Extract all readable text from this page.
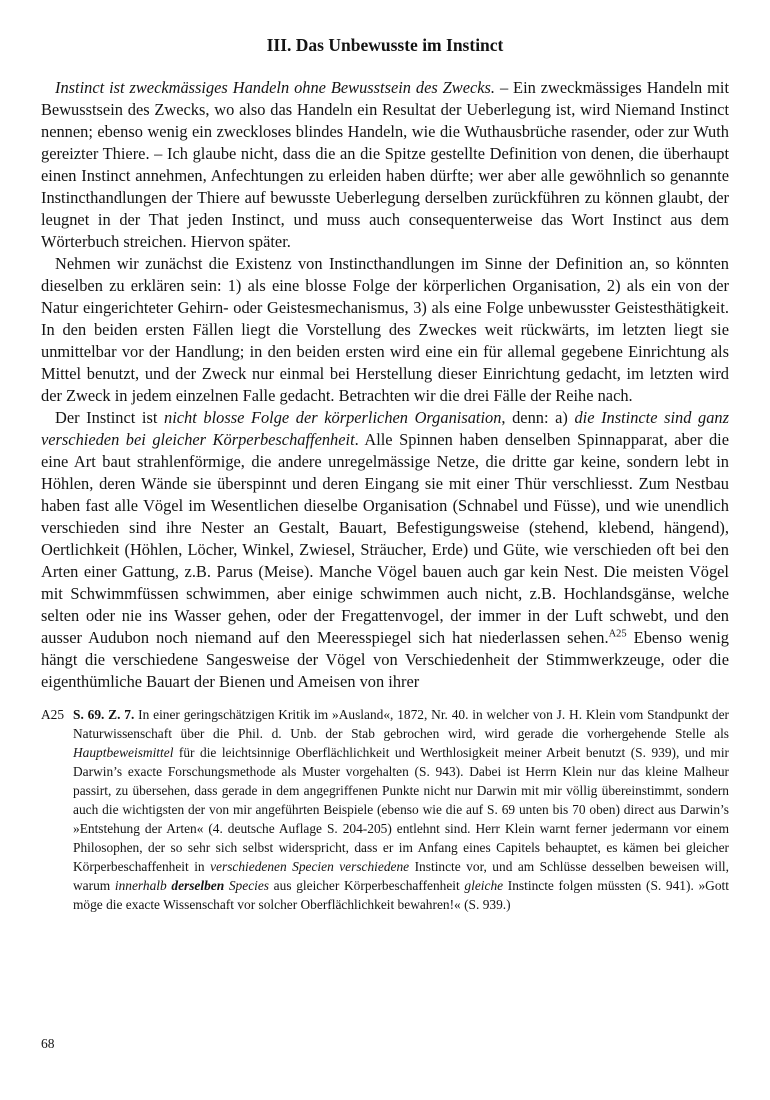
III. Das Unbewusste im Instinct

Instinct ist zweckmässiges Handeln ohne Bewusstsein des Zwecks. – Ein zweckmässiges Handeln mit Bewusstsein des Zwecks, wo also das Handeln ein Resultat der Ueberlegung ist, wird Niemand Instinct nennen; ebenso wenig ein zweckloses blindes Handeln, wie die Wuthausbrüche rasender, oder zur Wuth gereizter Thiere. – Ich glaube nicht, dass die an die Spitze gestellte Definition von denen, die überhaupt einen Instinct annehmen, Anfechtungen zu erleiden haben dürfte; wer aber alle gewöhnlich so genannte Instincthandlungen der Thiere auf bewusste Ueberlegung derselben zurückführen zu können glaubt, der leugnet in der That jeden Instinct, und muss auch consequenterweise das Wort Instinct aus dem Wörterbuch streichen. Hiervon später.

Nehmen wir zunächst die Existenz von Instincthandlungen im Sinne der Definition an, so könnten dieselben zu erklären sein: 1) als eine blosse Folge der körperlichen Organisation, 2) als ein von der Natur eingerichteter Gehirn- oder Geistesmechanismus, 3) als eine Folge unbewusster Geistesthätigkeit. In den beiden ersten Fällen liegt die Vorstellung des Zweckes weit rückwärts, im letzten liegt sie unmittelbar vor der Handlung; in den beiden ersten wird eine ein für allemal gegebene Einrichtung als Mittel benutzt, und der Zweck nur einmal bei Herstellung dieser Einrichtung gedacht, im letzten wird der Zweck in jedem einzelnen Falle gedacht. Betrachten wir die drei Fälle der Reihe nach.

Der Instinct ist nicht blosse Folge der körperlichen Organisation, denn: a) die Instincte sind ganz verschieden bei gleicher Körperbeschaffenheit. Alle Spinnen haben denselben Spinnapparat, aber die eine Art baut strahlenförmige, die andere unregelmässige Netze, die dritte gar keine, sondern lebt in Höhlen, deren Wände sie überspinnt und deren Eingang sie mit einer Thür verschliesst. Zum Nestbau haben fast alle Vögel im Wesentlichen dieselbe Organisation (Schnabel und Füsse), und wie unendlich verschieden sind ihre Nester an Gestalt, Bauart, Befestigungsweise (stehend, klebend, hängend), Oertlichkeit (Höhlen, Löcher, Winkel, Zwiesel, Sträucher, Erde) und Güte, wie verschieden oft bei den Arten einer Gattung, z.B. Parus (Meise). Manche Vögel bauen auch gar kein Nest. Die meisten Vögel mit Schwimmfüssen schwimmen, aber einige schwimmen auch nicht, z.B. Hochlandsgänse, welche selten oder nie ins Wasser gehen, oder der Fregattenvogel, der immer in der Luft schwebt, und den ausser Audubon noch niemand auf den Meeresspiegel sich hat niederlassen sehen.$^{A25}$ Ebenso wenig hängt die verschiedene Sangesweise der Vögel von Verschiedenheit der Stimmwerkzeuge, oder die eigenthümliche Bauart der Bienen und Ameisen von ihrer

A25 S. 69. Z. 7. In einer geringschätzigen Kritik im »Ausland«, 1872, Nr. 40. in welcher von J. H. Klein vom Standpunkt der Naturwissenschaft über die Phil. d. Unb. der Stab gebrochen wird, wird gerade die vorhergehende Stelle als Hauptbeweismittel für die leichtsinnige Oberflächlichkeit und Werthlosigkeit meiner Arbeit benutzt (S. 939), und mir Darwin’s exacte Forschungsmethode als Muster vorgehalten (S. 943). Dabei ist Herrn Klein nur das kleine Malheur passirt, zu übersehen, dass gerade in dem angegriffenen Punkte nicht nur Darwin mit mir völlig übereinstimmt, sondern auch die wichtigsten der von mir angeführten Beispiele (ebenso wie die auf S. 69 unten bis 70 oben) direct aus Darwin’s »Entstehung der Arten« (4. deutsche Auflage S. 204-205) entlehnt sind. Herr Klein warnt ferner jedermann vor einem Philosophen, der so sehr sich selbst widerspricht, dass er im Anfang eines Capitels behauptet, es kämen bei gleicher Körperbeschaffenheit in verschiedenen Specien verschiedene Instincte vor, und am Schlüsse desselben beweisen will, warum innerhalb derselben Species aus gleicher Körperbeschaffenheit gleiche Instincte folgen müssten (S. 941). »Gott möge die exacte Wissenschaft vor solcher Oberflächlichkeit bewahren!« (S. 939.)
68
